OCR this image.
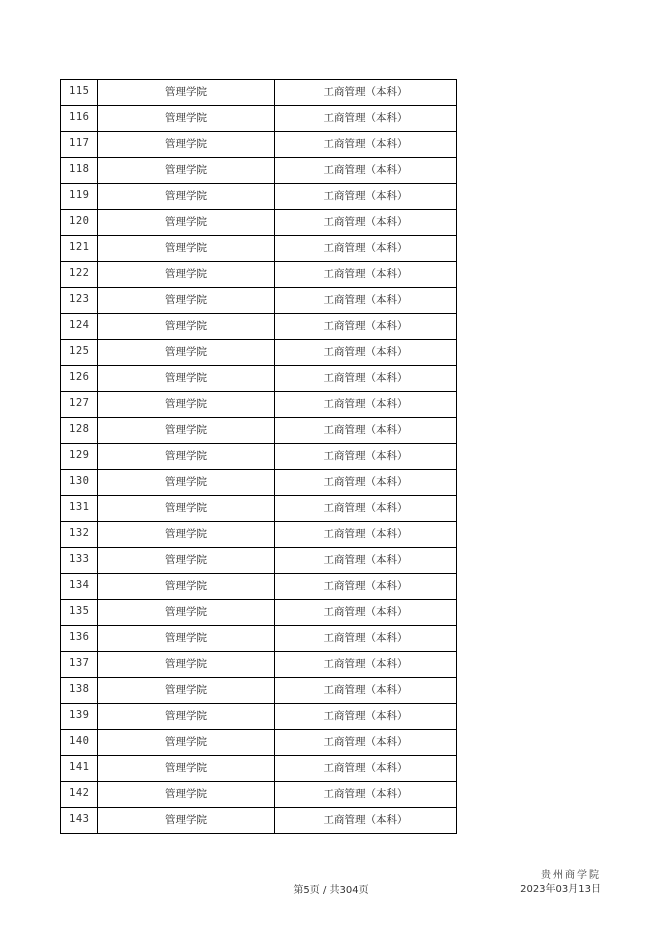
115	管理学院	工商管理（本科）
116	管理学院	工商管理（本科）
117	管理学院	工商管理（本科）
118	管理学院	工商管理（本科）
119	管理学院	工商管理（本科）
120	管理学院	工商管理（本科）
121	管理学院	工商管理（本科）
122	管理学院	工商管理（本科）
123	管理学院	工商管理（本科）
124	管理学院	工商管理（本科）
125	管理学院	工商管理（本科）
126	管理学院	工商管理（本科）
127	管理学院	工商管理（本科）
128	管理学院	工商管理（本科）
129	管理学院	工商管理（本科）
130	管理学院	工商管理（本科）
131	管理学院	工商管理（本科）
132	管理学院	工商管理（本科）
133	管理学院	工商管理（本科）
134	管理学院	工商管理（本科）
135	管理学院	工商管理（本科）
136	管理学院	工商管理（本科）
137	管理学院	工商管理（本科）
138	管理学院	工商管理（本科）
139	管理学院	工商管理（本科）
140	管理学院	工商管理（本科）
141	管理学院	工商管理（本科）
142	管理学院	工商管理（本科）
143	管理学院	工商管理（本科）
第5页 / 共304页
贵州商学院
2023年03月13日
